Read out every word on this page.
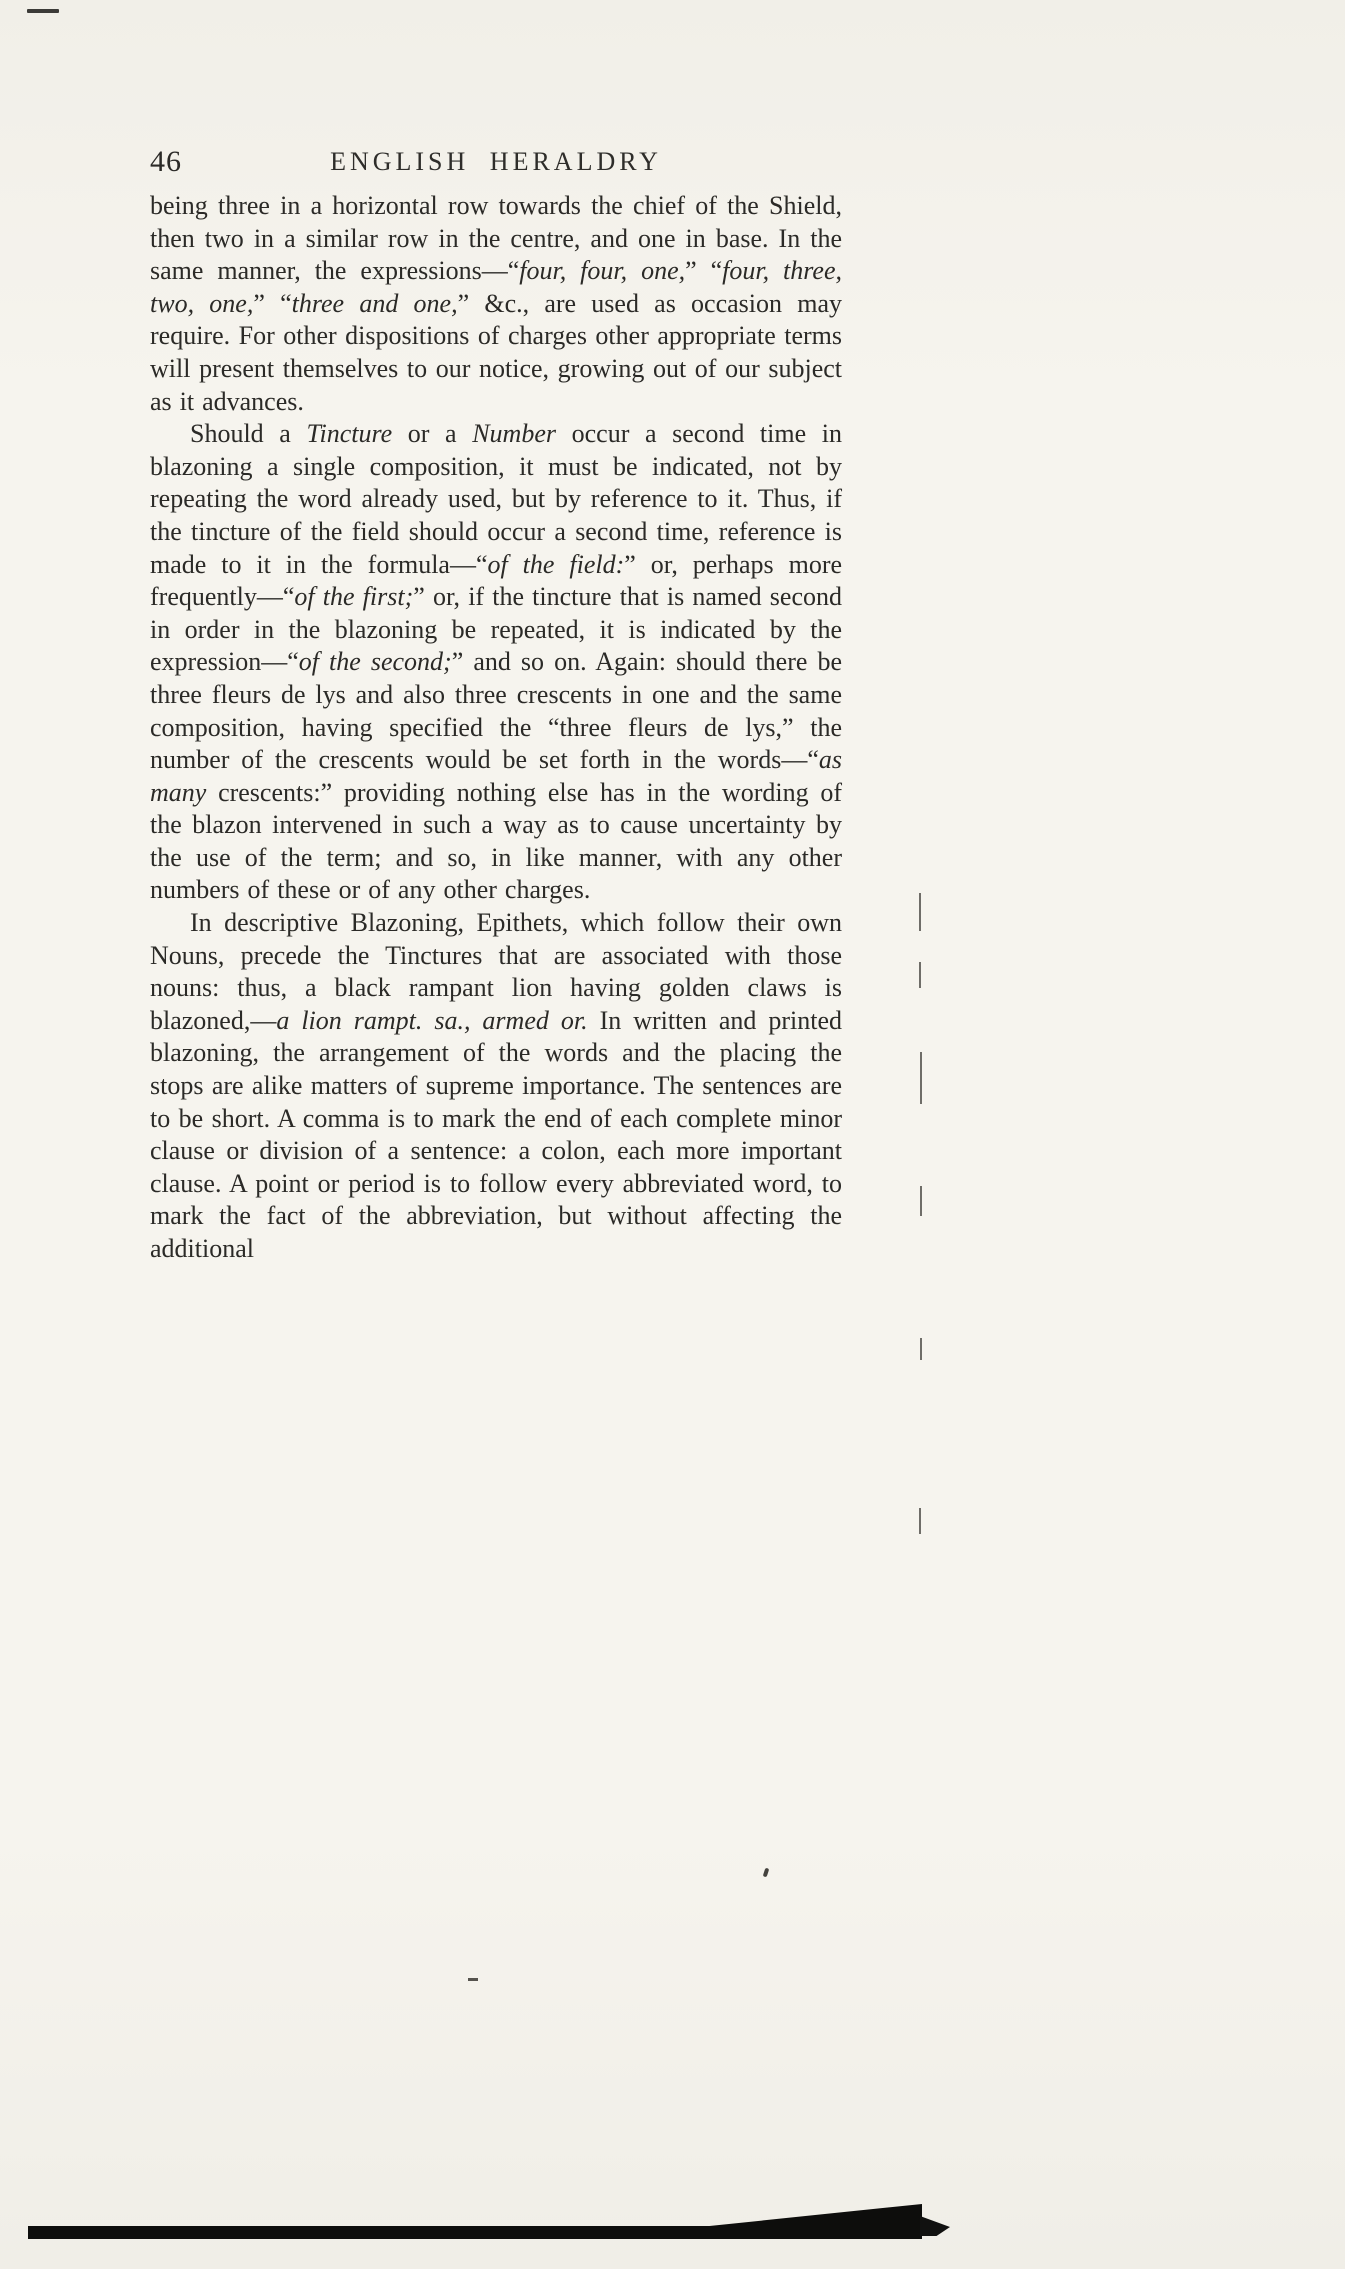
46	ENGLISH HERALDRY

being three in a horizontal row towards the chief of the Shield, then two in a similar row in the centre, and one in base. In the same manner, the expressions—“four, four, one,” “four, three, two, one,” “three and one,” &c., are used as occasion may require. For other dispositions of charges other appropriate terms will present themselves to our notice, growing out of our subject as it advances.

Should a Tincture or a Number occur a second time in blazoning a single composition, it must be indicated, not by repeating the word already used, but by reference to it. Thus, if the tincture of the field should occur a second time, reference is made to it in the formula—“of the field:” or, perhaps more frequently—“of the first;” or, if the tincture that is named second in order in the blazoning be repeated, it is indicated by the expression—“of the second;” and so on. Again: should there be three fleurs de lys and also three crescents in one and the same composition, having specified the “three fleurs de lys,” the number of the crescents would be set forth in the words—“as many crescents:” providing nothing else has in the wording of the blazon intervened in such a way as to cause uncertainty by the use of the term; and so, in like manner, with any other numbers of these or of any other charges.

In descriptive Blazoning, Epithets, which follow their own Nouns, precede the Tinctures that are associated with those nouns: thus, a black rampant lion having golden claws is blazoned,—a lion rampt. sa., armed or. In written and printed blazoning, the arrangement of the words and the placing the stops are alike matters of supreme importance. The sentences are to be short. A comma is to mark the end of each complete minor clause or division of a sentence: a colon, each more important clause. A point or period is to follow every abbreviated word, to mark the fact of the abbreviation, but without affecting the additional
